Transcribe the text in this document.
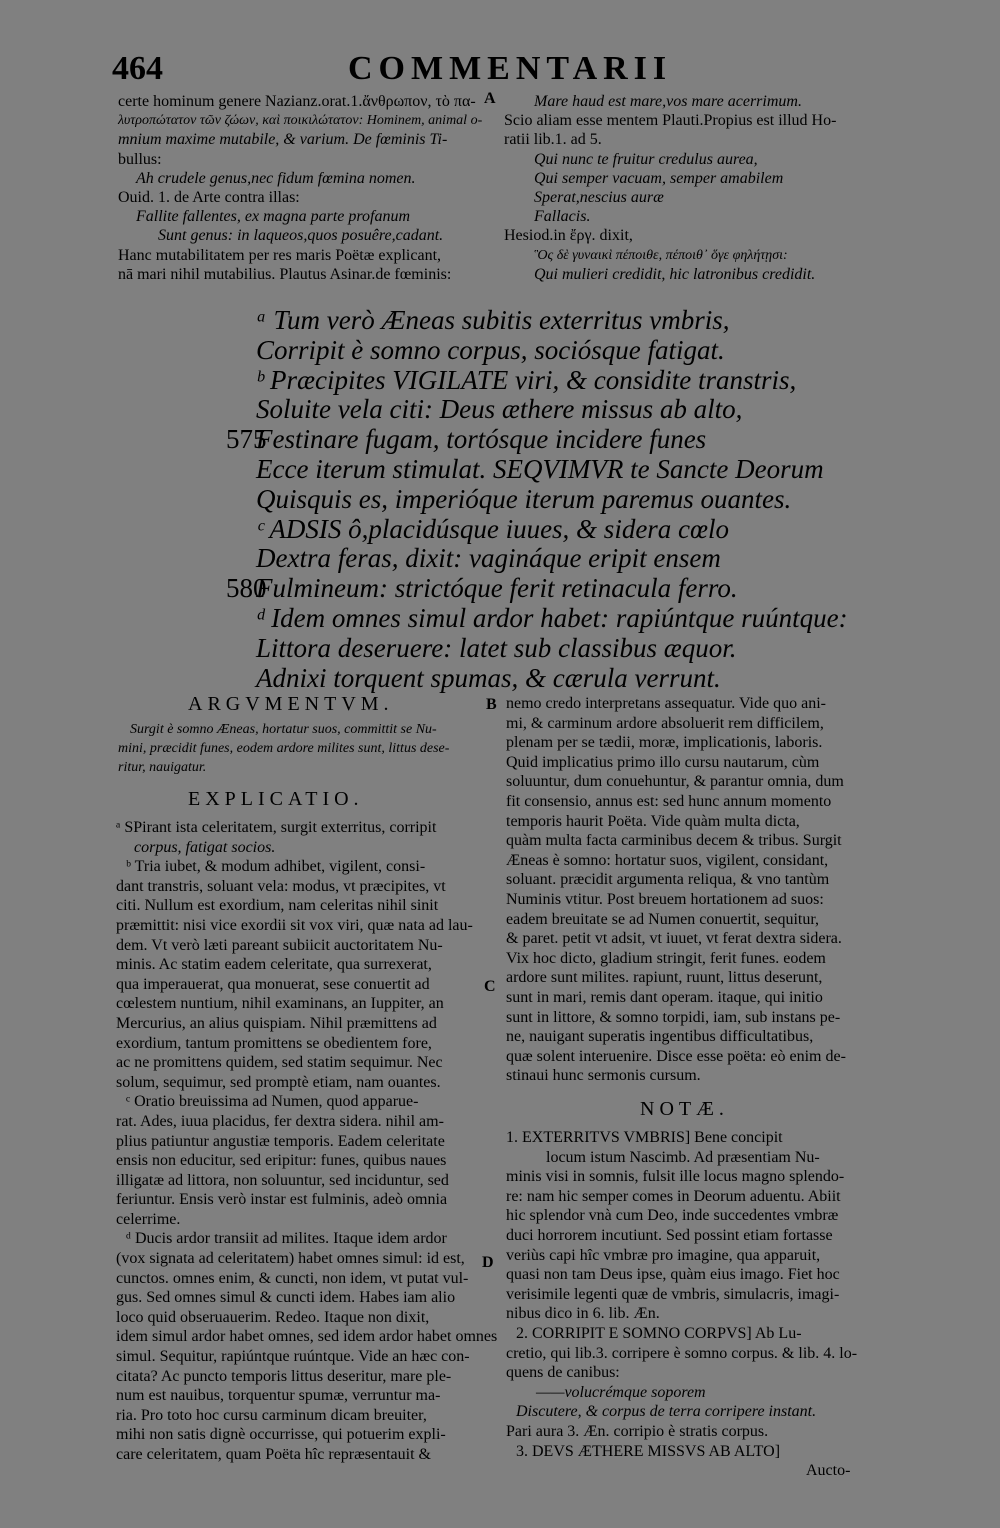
464	COMMENTARII
certe hominum genere Nazianz.orat.1.ἄνθρωπον, τὸ πα-
λυτροπώτατον τῶν ζώων, καὶ ποικιλώτατον: Hominem, animal o-
mnium maxime mutabile, & varium. De fœminis Ti-
bullus:
Ah crudele genus,nec fidum fœmina nomen.
Ouid. 1. de Arte contra illas:
Fallite fallentes, ex magna parte profanum
Sunt genus: in laqueos,quos posuêre,cadant.
Hanc mutabilitatem per res maris Poëtæ explicant,
nā mari nihil mutabilius. Plautus Asinar.de fœminis:
Mare haud est mare,vos mare acerrimum.
Scio aliam esse mentem Plauti.Propius est illud Ho-
ratii lib.1. ad 5.
Qui nunc te fruitur credulus aurea,
Qui semper vacuam, semper amabilem
Sperat,nescius auræ
Fallacis.
Hesiod.in ἔργ. dixit,
Ὃς δὲ γυναικὶ πέποιθε, πέποιθ᾽ ὅγε φηλήτῃσι:
Qui mulieri credidit, hic latronibus credidit.
A
ᵃ Tum verò Æneas subitis exterritus vmbris,
Corripit è somno corpus, sociósque fatigat.
ᵇ Præcipites VIGILATE viri, & considite transtris,
Soluite vela citi: Deus æthere missus ab alto,
575Festinare fugam, tortósque incidere funes
Ecce iterum stimulat. SEQVIMVR te Sancte Deorum
Quisquis es, imperióque iterum paremus ouantes.
ᶜ ADSIS ô,placidúsque iuues, & sidera cœlo
Dextra feras, dixit: vagináque eripit ensem
580Fulmineum: strictóque ferit retinacula ferro.
ᵈ Idem omnes simul ardor habet: rapiúntque ruúntque:
Littora deseruere: latet sub classibus æquor.
Adnixi torquent spumas, & cærula verrunt.
ARGVMENTVM.
Surgit è somno Æneas, hortatur suos, committit se Nu-
mini, præcidit funes, eodem ardore milites sunt, littus dese-
ritur, nauigatur.
EXPLICATIO.
ᵃ SPirant ista celeritatem, surgit exterritus, corripit
corpus, fatigat socios.
ᵇ Tria iubet, & modum adhibet, vigilent, consi-
dant transtris, soluant vela: modus, vt præcipites, vt
citi. Nullum est exordium, nam celeritas nihil sinit
præmittit: nisi vice exordii sit vox viri, quæ nata ad lau-
dem. Vt verò læti pareant subiicit auctoritatem Nu-
minis. Ac statim eadem celeritate, qua surrexerat,
qua imperauerat, qua monuerat, sese conuertit ad
cœlestem nuntium, nihil examinans, an Iuppiter, an
Mercurius, an alius quispiam. Nihil præmittens ad
exordium, tantum promittens se obedientem fore,
ac ne promittens quidem, sed statim sequimur. Nec
solum, sequimur, sed promptè etiam, nam ouantes.
ᶜ Oratio breuissima ad Numen, quod apparue-
rat. Ades, iuua placidus, fer dextra sidera. nihil am-
plius patiuntur angustiæ temporis. Eadem celeritate
ensis non educitur, sed eripitur: funes, quibus naues
illigatæ ad littora, non soluuntur, sed inciduntur, sed
feriuntur. Ensis verò instar est fulminis, adeò omnia
celerrime.
ᵈ Ducis ardor transiit ad milites. Itaque idem ardor
(vox signata ad celeritatem) habet omnes simul: id est,
cunctos. omnes enim, & cuncti, non idem, vt putat vul-
gus. Sed omnes simul & cuncti idem. Habes iam alio
loco quid obseruauerim. Redeo. Itaque non dixit,
idem simul ardor habet omnes, sed idem ardor habet omnes
simul. Sequitur, rapiúntque ruúntque. Vide an hæc con-
citata? Ac puncto temporis littus deseritur, mare ple-
num est nauibus, torquentur spumæ, verruntur ma-
ria. Pro toto hoc cursu carminum dicam breuiter,
mihi non satis dignè occurrisse, qui potuerim expli-
care celeritatem, quam Poëta hîc repræsentauit &
B
C
D
nemo credo interpretans assequatur. Vide quo ani-
mi, & carminum ardore absoluerit rem difficilem,
plenam per se tædii, moræ, implicationis, laboris.
Quid implicatius primo illo cursu nautarum, cùm
soluuntur, dum conuehuntur, & parantur omnia, dum
fit consensio, annus est: sed hunc annum momento
temporis haurit Poëta. Vide quàm multa dicta,
quàm multa facta carminibus decem & tribus. Surgit
Æneas è somno: hortatur suos, vigilent, considant,
soluant. præcidit argumenta reliqua, & vno tantùm
Numinis vtitur. Post breuem hortationem ad suos:
eadem breuitate se ad Numen conuertit, sequitur,
& paret. petit vt adsit, vt iuuet, vt ferat dextra sidera.
Vix hoc dicto, gladium stringit, ferit funes. eodem
ardore sunt milites. rapiunt, ruunt, littus deserunt,
sunt in mari, remis dant operam. itaque, qui initio
sunt in littore, & somno torpidi, iam, sub instans pe-
ne, nauigant superatis ingentibus difficultatibus,
quæ solent interuenire. Disce esse poëta: eò enim de-
stinaui hunc sermonis cursum.
NOTÆ.
1. EXTERRITVS VMBRIS] Bene concipit
locum istum Nascimb. Ad præsentiam Nu-
minis visi in somnis, fulsit ille locus magno splendo-
re: nam hic semper comes in Deorum aduentu. Abiit
hic splendor vnà cum Deo, inde succedentes vmbræ
duci horrorem incutiunt. Sed possint etiam fortasse
veriùs capi hîc vmbræ pro imagine, qua apparuit,
quasi non tam Deus ipse, quàm eius imago. Fiet hoc
verisimile legenti quæ de vmbris, simulacris, imagi-
nibus dico in 6. lib. Æn.
2. CORRIPIT E SOMNO CORPVS] Ab Lu-
cretio, qui lib.3. corripere è somno corpus. & lib. 4. lo-
quens de canibus:
——volucrémque soporem
Discutere, & corpus de terra corripere instant.
Pari aura 3. Æn. corripio è stratis corpus.
3. DEVS ÆTHERE MISSVS AB ALTO]
Aucto-
